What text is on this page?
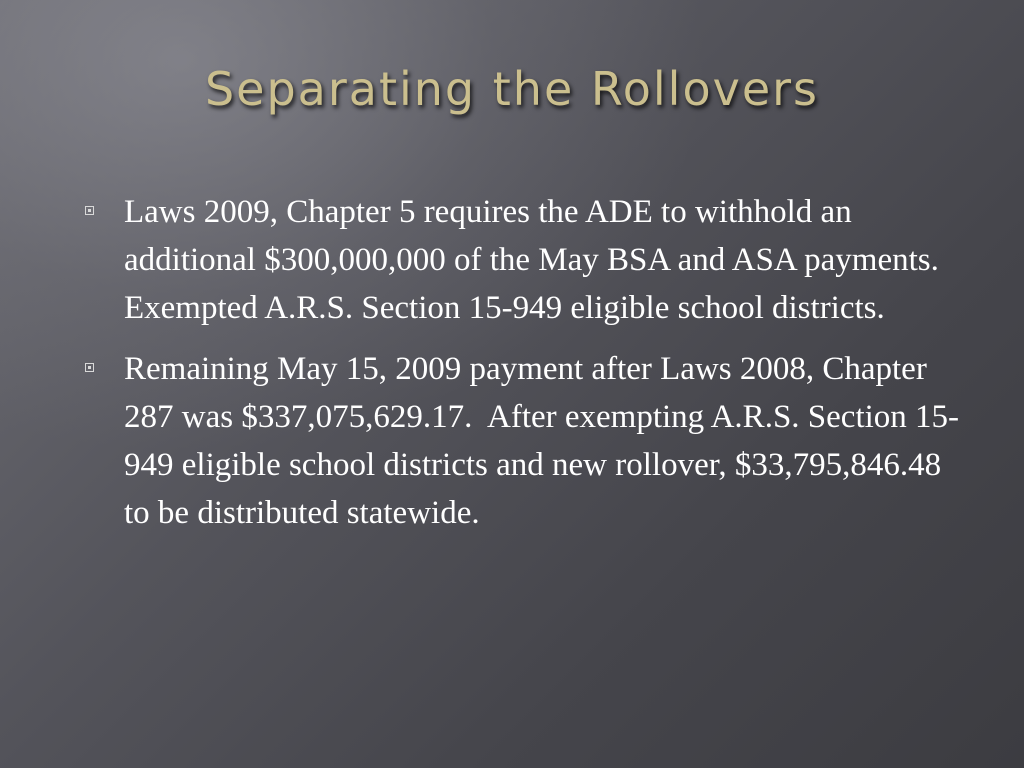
Separating the Rollovers
Laws 2009, Chapter 5 requires the ADE to withhold an additional $300,000,000 of the May BSA and ASA payments.  Exempted A.R.S. Section 15-949 eligible school districts.
Remaining May 15, 2009 payment after Laws 2008, Chapter 287 was $337,075,629.17.  After exempting A.R.S. Section 15-949 eligible school districts and new rollover, $33,795,846.48 to be distributed statewide.
